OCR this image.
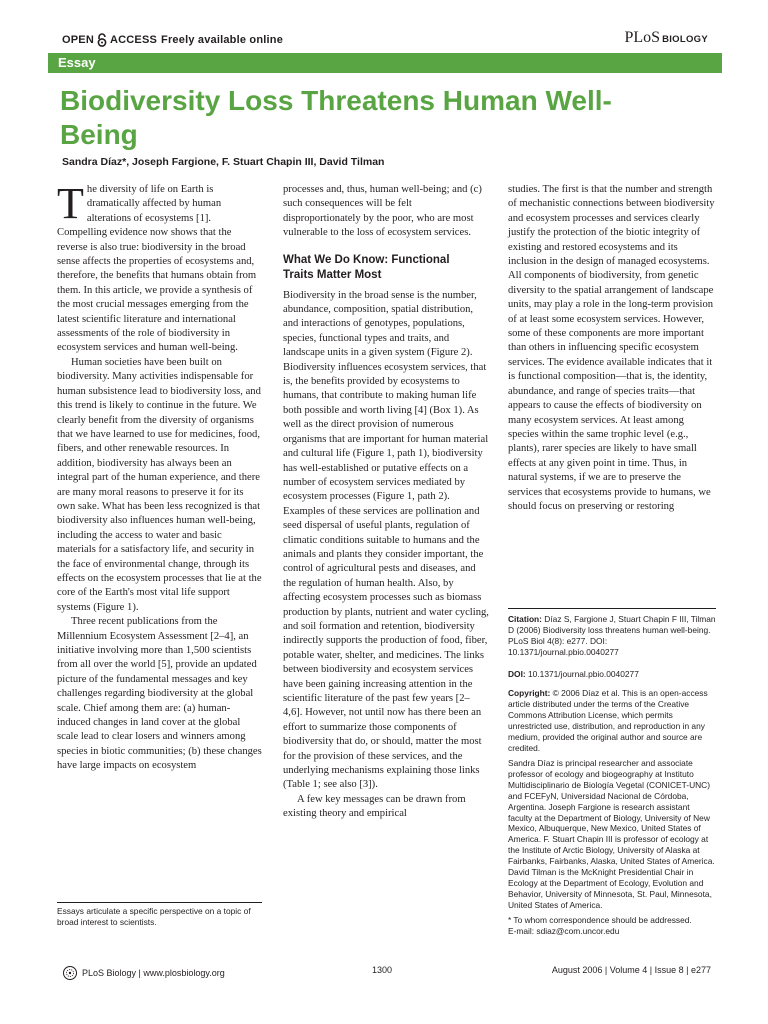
OPEN ACCESS Freely available online	PLoS BIOLOGY
Essay
Biodiversity Loss Threatens Human Well-Being
Sandra Díaz*, Joseph Fargione, F. Stuart Chapin III, David Tilman

T he diversity of life on Earth is
dramatically affected by human
alterations of ecosystems [1].
Compelling evidence now shows that the reverse is also true: biodiversity in the broad sense affects the properties of ecosystems and, therefore, the benefits that humans obtain from them. In this article, we provide a synthesis of the most crucial messages emerging from the latest scientific literature and international assessments of the role of biodiversity in ecosystem services and human well-being.

Human societies have been built on biodiversity. Many activities indispensable for human subsistence lead to biodiversity loss, and this trend is likely to continue in the future. We clearly benefit from the diversity of organisms that we have learned to use for medicines, food, fibers, and other renewable resources. In addition, biodiversity has always been an integral part of the human experience, and there are many moral reasons to preserve it for its own sake. What has been less recognized is that biodiversity also influences human well-being, including the access to water and basic materials for a satisfactory life, and security in the face of environmental change, through its effects on the ecosystem processes that lie at the core of the Earth's most vital life support systems (Figure 1).

Three recent publications from the Millennium Ecosystem Assessment [2–4], an initiative involving more than 1,500 scientists from all over the world [5], provide an updated picture of the fundamental messages and key challenges regarding biodiversity at the global scale. Chief among them are: (a) human-induced changes in land cover at the global scale lead to clear losers and winners among species in biotic communities; (b) these changes have large impacts on ecosystem

processes and, thus, human well-being; and (c) such consequences will be felt disproportionately by the poor, who are most vulnerable to the loss of ecosystem services.

What We Do Know: Functional Traits Matter Most

Biodiversity in the broad sense is the number, abundance, composition, spatial distribution, and interactions of genotypes, populations, species, functional types and traits, and landscape units in a given system (Figure 2). Biodiversity influences ecosystem services, that is, the benefits provided by ecosystems to humans, that contribute to making human life both possible and worth living [4] (Box 1). As well as the direct provision of numerous organisms that are important for human material and cultural life (Figure 1, path 1), biodiversity has well-established or putative effects on a number of ecosystem services mediated by ecosystem processes (Figure 1, path 2). Examples of these services are pollination and seed dispersal of useful plants, regulation of climatic conditions suitable to humans and the animals and plants they consider important, the control of agricultural pests and diseases, and the regulation of human health. Also, by affecting ecosystem processes such as biomass production by plants, nutrient and water cycling, and soil formation and retention, biodiversity indirectly supports the production of food, fiber, potable water, shelter, and medicines. The links between biodiversity and ecosystem services have been gaining increasing attention in the scientific literature of the past few years [2–4,6]. However, not until now has there been an effort to summarize those components of biodiversity that do, or should, matter the most for the provision of these services, and the underlying mechanisms explaining those links (Table 1; see also [3]).

A few key messages can be drawn from existing theory and empirical

studies. The first is that the number and strength of mechanistic connections between biodiversity and ecosystem processes and services clearly justify the protection of the biotic integrity of existing and restored ecosystems and its inclusion in the design of managed ecosystems. All components of biodiversity, from genetic diversity to the spatial arrangement of landscape units, may play a role in the long-term provision of at least some ecosystem services. However, some of these components are more important than others in influencing specific ecosystem services. The evidence available indicates that it is functional composition—that is, the identity, abundance, and range of species traits—that appears to cause the effects of biodiversity on many ecosystem services. At least among species within the same trophic level (e.g., plants), rarer species are likely to have small effects at any given point in time. Thus, in natural systems, if we are to preserve the services that ecosystems provide to humans, we should focus on preserving or restoring

Citation: Díaz S, Fargione J, Stuart Chapin F III, Tilman D (2006) Biodiversity loss threatens human well-being. PLoS Biol 4(8): e277. DOI: 10.1371/journal.pbio.0040277

DOI: 10.1371/journal.pbio.0040277

Copyright: © 2006 Díaz et al. This is an open-access article distributed under the terms of the Creative Commons Attribution License, which permits unrestricted use, distribution, and reproduction in any medium, provided the original author and source are credited.

Sandra Díaz is principal researcher and associate professor of ecology and biogeography at Instituto Multidisciplinario de Biología Vegetal (CONICET-UNC) and FCEFyN, Universidad Nacional de Córdoba, Argentina. Joseph Fargione is research assistant faculty at the Department of Biology, University of New Mexico, Albuquerque, New Mexico, United States of America. F. Stuart Chapin III is professor of ecology at the Institute of Arctic Biology, University of Alaska at Fairbanks, Fairbanks, Alaska, United States of America. David Tilman is the McKnight Presidential Chair in Ecology at the Department of Ecology, Evolution and Behavior, University of Minnesota, St. Paul, Minnesota, United States of America.

* To whom correspondence should be addressed.

E-mail: sdiaz@com.uncor.edu

Essays articulate a specific perspective on a topic of broad interest to scientists.
PLoS Biology | www.plosbiology.org	1300	August 2006 | Volume 4 | Issue 8 | e277
